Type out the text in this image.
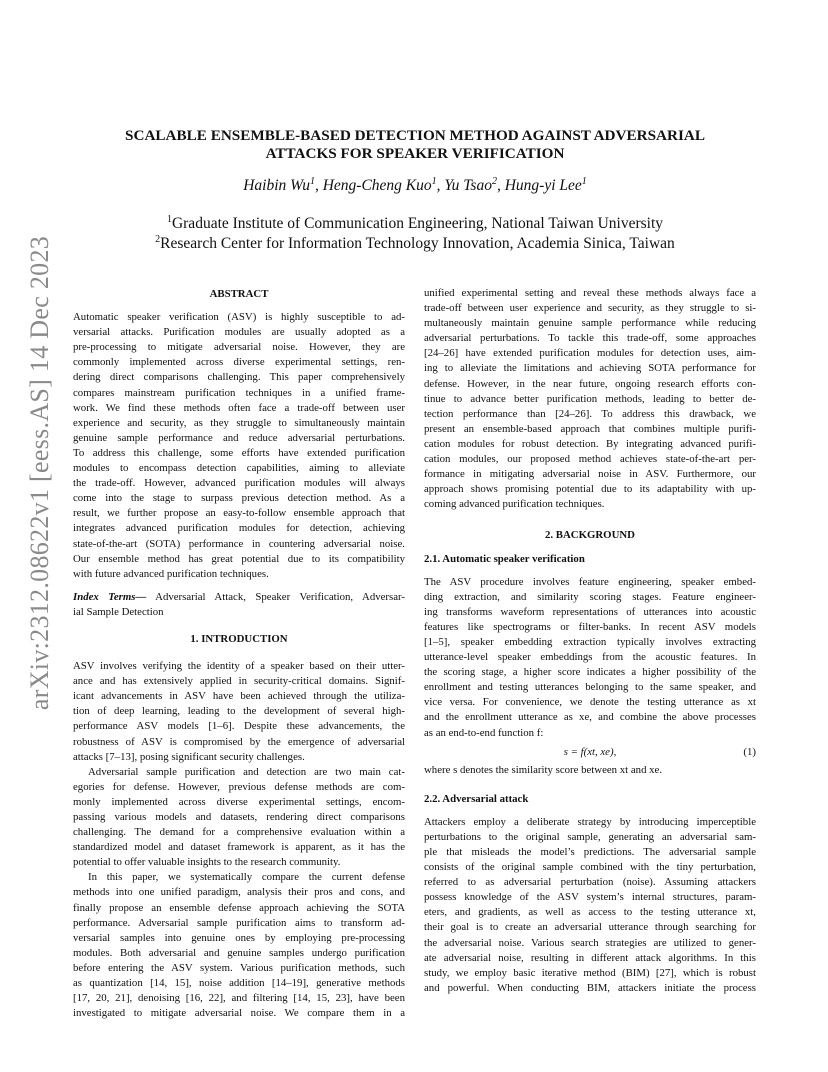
arXiv:2312.08622v1 [eess.AS] 14 Dec 2023
SCALABLE ENSEMBLE-BASED DETECTION METHOD AGAINST ADVERSARIAL
ATTACKS FOR SPEAKER VERIFICATION
Haibin Wu$^1$, Heng-Cheng Kuo$^1$, Yu Tsao$^2$, Hung-yi Lee$^1$
$^1$Graduate Institute of Communication Engineering, National Taiwan University
$^2$Research Center for Information Technology Innovation, Academia Sinica, Taiwan
ABSTRACT
Automatic speaker verification (ASV) is highly susceptible to ad-
versarial attacks. Purification modules are usually adopted as a
pre-processing to mitigate adversarial noise. However, they are
commonly implemented across diverse experimental settings, ren-
dering direct comparisons challenging. This paper comprehensively
compares mainstream purification techniques in a unified frame-
work. We find these methods often face a trade-off between user
experience and security, as they struggle to simultaneously maintain
genuine sample performance and reduce adversarial perturbations.
To address this challenge, some efforts have extended purification
modules to encompass detection capabilities, aiming to alleviate
the trade-off. However, advanced purification modules will always
come into the stage to surpass previous detection method. As a
result, we further propose an easy-to-follow ensemble approach that
integrates advanced purification modules for detection, achieving
state-of-the-art (SOTA) performance in countering adversarial noise.
Our ensemble method has great potential due to its compatibility
with future advanced purification techniques.
Index Terms— Adversarial Attack, Speaker Verification, Adversar-
ial Sample Detection
1. INTRODUCTION
ASV involves verifying the identity of a speaker based on their utter-
ance and has extensively applied in security-critical domains. Signif-
icant advancements in ASV have been achieved through the utiliza-
tion of deep learning, leading to the development of several high-
performance ASV models [1–6]. Despite these advancements, the
robustness of ASV is compromised by the emergence of adversarial
attacks [7–13], posing significant security challenges.
Adversarial sample purification and detection are two main cat-
egories for defense. However, previous defense methods are com-
monly implemented across diverse experimental settings, encom-
passing various models and datasets, rendering direct comparisons
challenging. The demand for a comprehensive evaluation within a
standardized model and dataset framework is apparent, as it has the
potential to offer valuable insights to the research community.
In this paper, we systematically compare the current defense
methods into one unified paradigm, analysis their pros and cons, and
finally propose an ensemble defense approach achieving the SOTA
performance. Adversarial sample purification aims to transform ad-
versarial samples into genuine ones by employing pre-processing
modules. Both adversarial and genuine samples undergo purification
before entering the ASV system. Various purification methods, such
as quantization [14, 15], noise addition [14–19], generative methods
[17, 20, 21], denoising [16, 22], and filtering [14, 15, 23], have been
investigated to mitigate adversarial noise. We compare them in a
unified experimental setting and reveal these methods always face a
trade-off between user experience and security, as they struggle to si-
multaneously maintain genuine sample performance while reducing
adversarial perturbations. To tackle this trade-off, some approaches
[24–26] have extended purification modules for detection uses, aim-
ing to alleviate the limitations and achieving SOTA performance for
defense. However, in the near future, ongoing research efforts con-
tinue to advance better purification methods, leading to better de-
tection performance than [24–26]. To address this drawback, we
present an ensemble-based approach that combines multiple purifi-
cation modules for robust detection. By integrating advanced purifi-
cation modules, our proposed method achieves state-of-the-art per-
formance in mitigating adversarial noise in ASV. Furthermore, our
approach shows promising potential due to its adaptability with up-
coming advanced purification techniques.
2. BACKGROUND
2.1. Automatic speaker verification
The ASV procedure involves feature engineering, speaker embed-
ding extraction, and similarity scoring stages. Feature engineer-
ing transforms waveform representations of utterances into acoustic
features like spectrograms or filter-banks. In recent ASV models
[1–5], speaker embedding extraction typically involves extracting
utterance-level speaker embeddings from the acoustic features. In
the scoring stage, a higher score indicates a higher possibility of the
enrollment and testing utterances belonging to the same speaker, and
vice versa. For convenience, we denote the testing utterance as xt
and the enrollment utterance as xe, and combine the above processes
as an end-to-end function f:
s = f(xt, xe),	(1)
where s denotes the similarity score between xt and xe.
2.2. Adversarial attack
Attackers employ a deliberate strategy by introducing imperceptible
perturbations to the original sample, generating an adversarial sam-
ple that misleads the model’s predictions. The adversarial sample
consists of the original sample combined with the tiny perturbation,
referred to as adversarial perturbation (noise). Assuming attackers
possess knowledge of the ASV system’s internal structures, param-
eters, and gradients, as well as access to the testing utterance xt,
their goal is to create an adversarial utterance through searching for
the adversarial noise. Various search strategies are utilized to gener-
ate adversarial noise, resulting in different attack algorithms. In this
study, we employ basic iterative method (BIM) [27], which is robust
and powerful. When conducting BIM, attackers initiate the process
